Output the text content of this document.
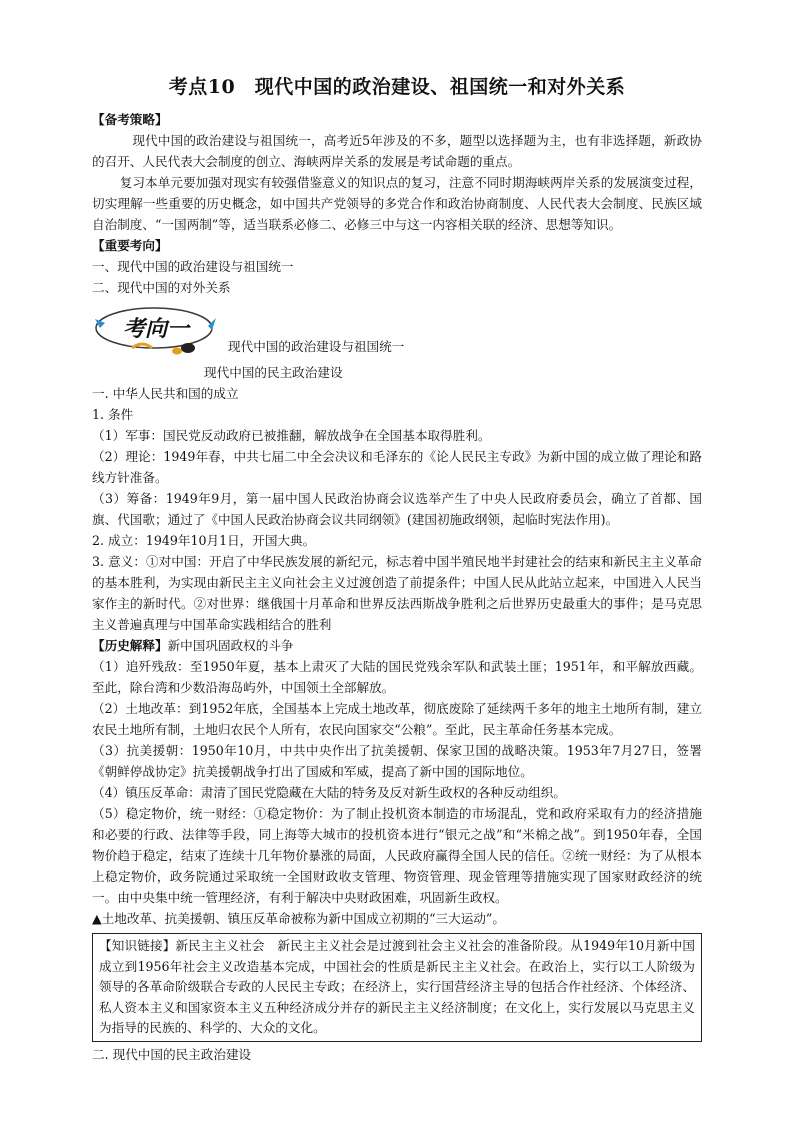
考点10　现代中国的政治建设、祖国统一和对外关系

【备考策略】

现代中国的政治建设与祖国统一，高考近5年涉及的不多，题型以选择题为主，也有非选择题，新政协的召开、人民代表大会制度的创立、海峡两岸关系的发展是考试命题的重点。

复习本单元要加强对现实有较强借鉴意义的知识点的复习，注意不同时期海峡两岸关系的发展演变过程，切实理解一些重要的历史概念，如中国共产党领导的多党合作和政治协商制度、人民代表大会制度、民族区域自治制度、“一国两制”等，适当联系必修二、必修三中与这一内容相关联的经济、思想等知识。

【重要考向】

一、现代中国的政治建设与祖国统一

二、现代中国的对外关系

考向一
现代中国的政治建设与祖国统一
现代中国的民主政治建设

一. 中华人民共和国的成立

1. 条件

（1）军事：国民党反动政府已被推翻，解放战争在全国基本取得胜利。

（2）理论：1949年春，中共七届二中全会决议和毛泽东的《论人民民主专政》为新中国的成立做了理论和路线方针准备。

（3）筹备：1949年9月，第一届中国人民政治协商会议选举产生了中央人民政府委员会，确立了首都、国旗、代国歌；通过了《中国人民政治协商会议共同纲领》(建国初施政纲领，起临时宪法作用)。

2. 成立：1949年10月1日，开国大典。

3. 意义：①对中国：开启了中华民族发展的新纪元，标志着中国半殖民地半封建社会的结束和新民主主义革命的基本胜利，为实现由新民主主义向社会主义过渡创造了前提条件；中国人民从此站立起来，中国进入人民当家作主的新时代。②对世界：继俄国十月革命和世界反法西斯战争胜利之后世界历史最重大的事件；是马克思主义普遍真理与中国革命实践相结合的胜利

【历史解释】新中国巩固政权的斗争

（1）追歼残敌：至1950年夏，基本上肃灭了大陆的国民党残余军队和武装土匪；1951年，和平解放西藏。至此，除台湾和少数沿海岛屿外，中国领土全部解放。

（2）土地改革：到1952年底，全国基本上完成土地改革，彻底废除了延续两千多年的地主土地所有制，建立农民土地所有制，土地归农民个人所有，农民向国家交“公粮”。至此，民主革命任务基本完成。

（3）抗美援朝：1950年10月，中共中央作出了抗美援朝、保家卫国的战略决策。1953年7月27日，签署《朝鲜停战协定》抗美援朝战争打出了国威和军威，提高了新中国的国际地位。

（4）镇压反革命：肃清了国民党隐藏在大陆的特务及反对新生政权的各种反动组织。

（5）稳定物价，统一财经：①稳定物价：为了制止投机资本制造的市场混乱，党和政府采取有力的经济措施和必要的行政、法律等手段，同上海等大城市的投机资本进行“银元之战”和“米棉之战”。到1950年春，全国物价趋于稳定，结束了连续十几年物价暴涨的局面，人民政府赢得全国人民的信任。②统一财经：为了从根本上稳定物价，政务院通过采取统一全国财政收支管理、物资管理、现金管理等措施实现了国家财政经济的统一。由中央集中统一管理经济，有利于解决中央财政困难，巩固新生政权。

▲土地改革、抗美援朝、镇压反革命被称为新中国成立初期的“三大运动”。

【知识链接】新民主主义社会　新民主主义社会是过渡到社会主义社会的准备阶段。从1949年10月新中国成立到1956年社会主义改造基本完成，中国社会的性质是新民主主义社会。在政治上，实行以工人阶级为领导的各革命阶级联合专政的人民民主专政；在经济上，实行国营经济主导的包括合作社经济、个体经济、私人资本主义和国家资本主义五种经济成分并存的新民主主义经济制度；在文化上，实行发展以马克思主义为指导的民族的、科学的、大众的文化。

二. 现代中国的民主政治建设
